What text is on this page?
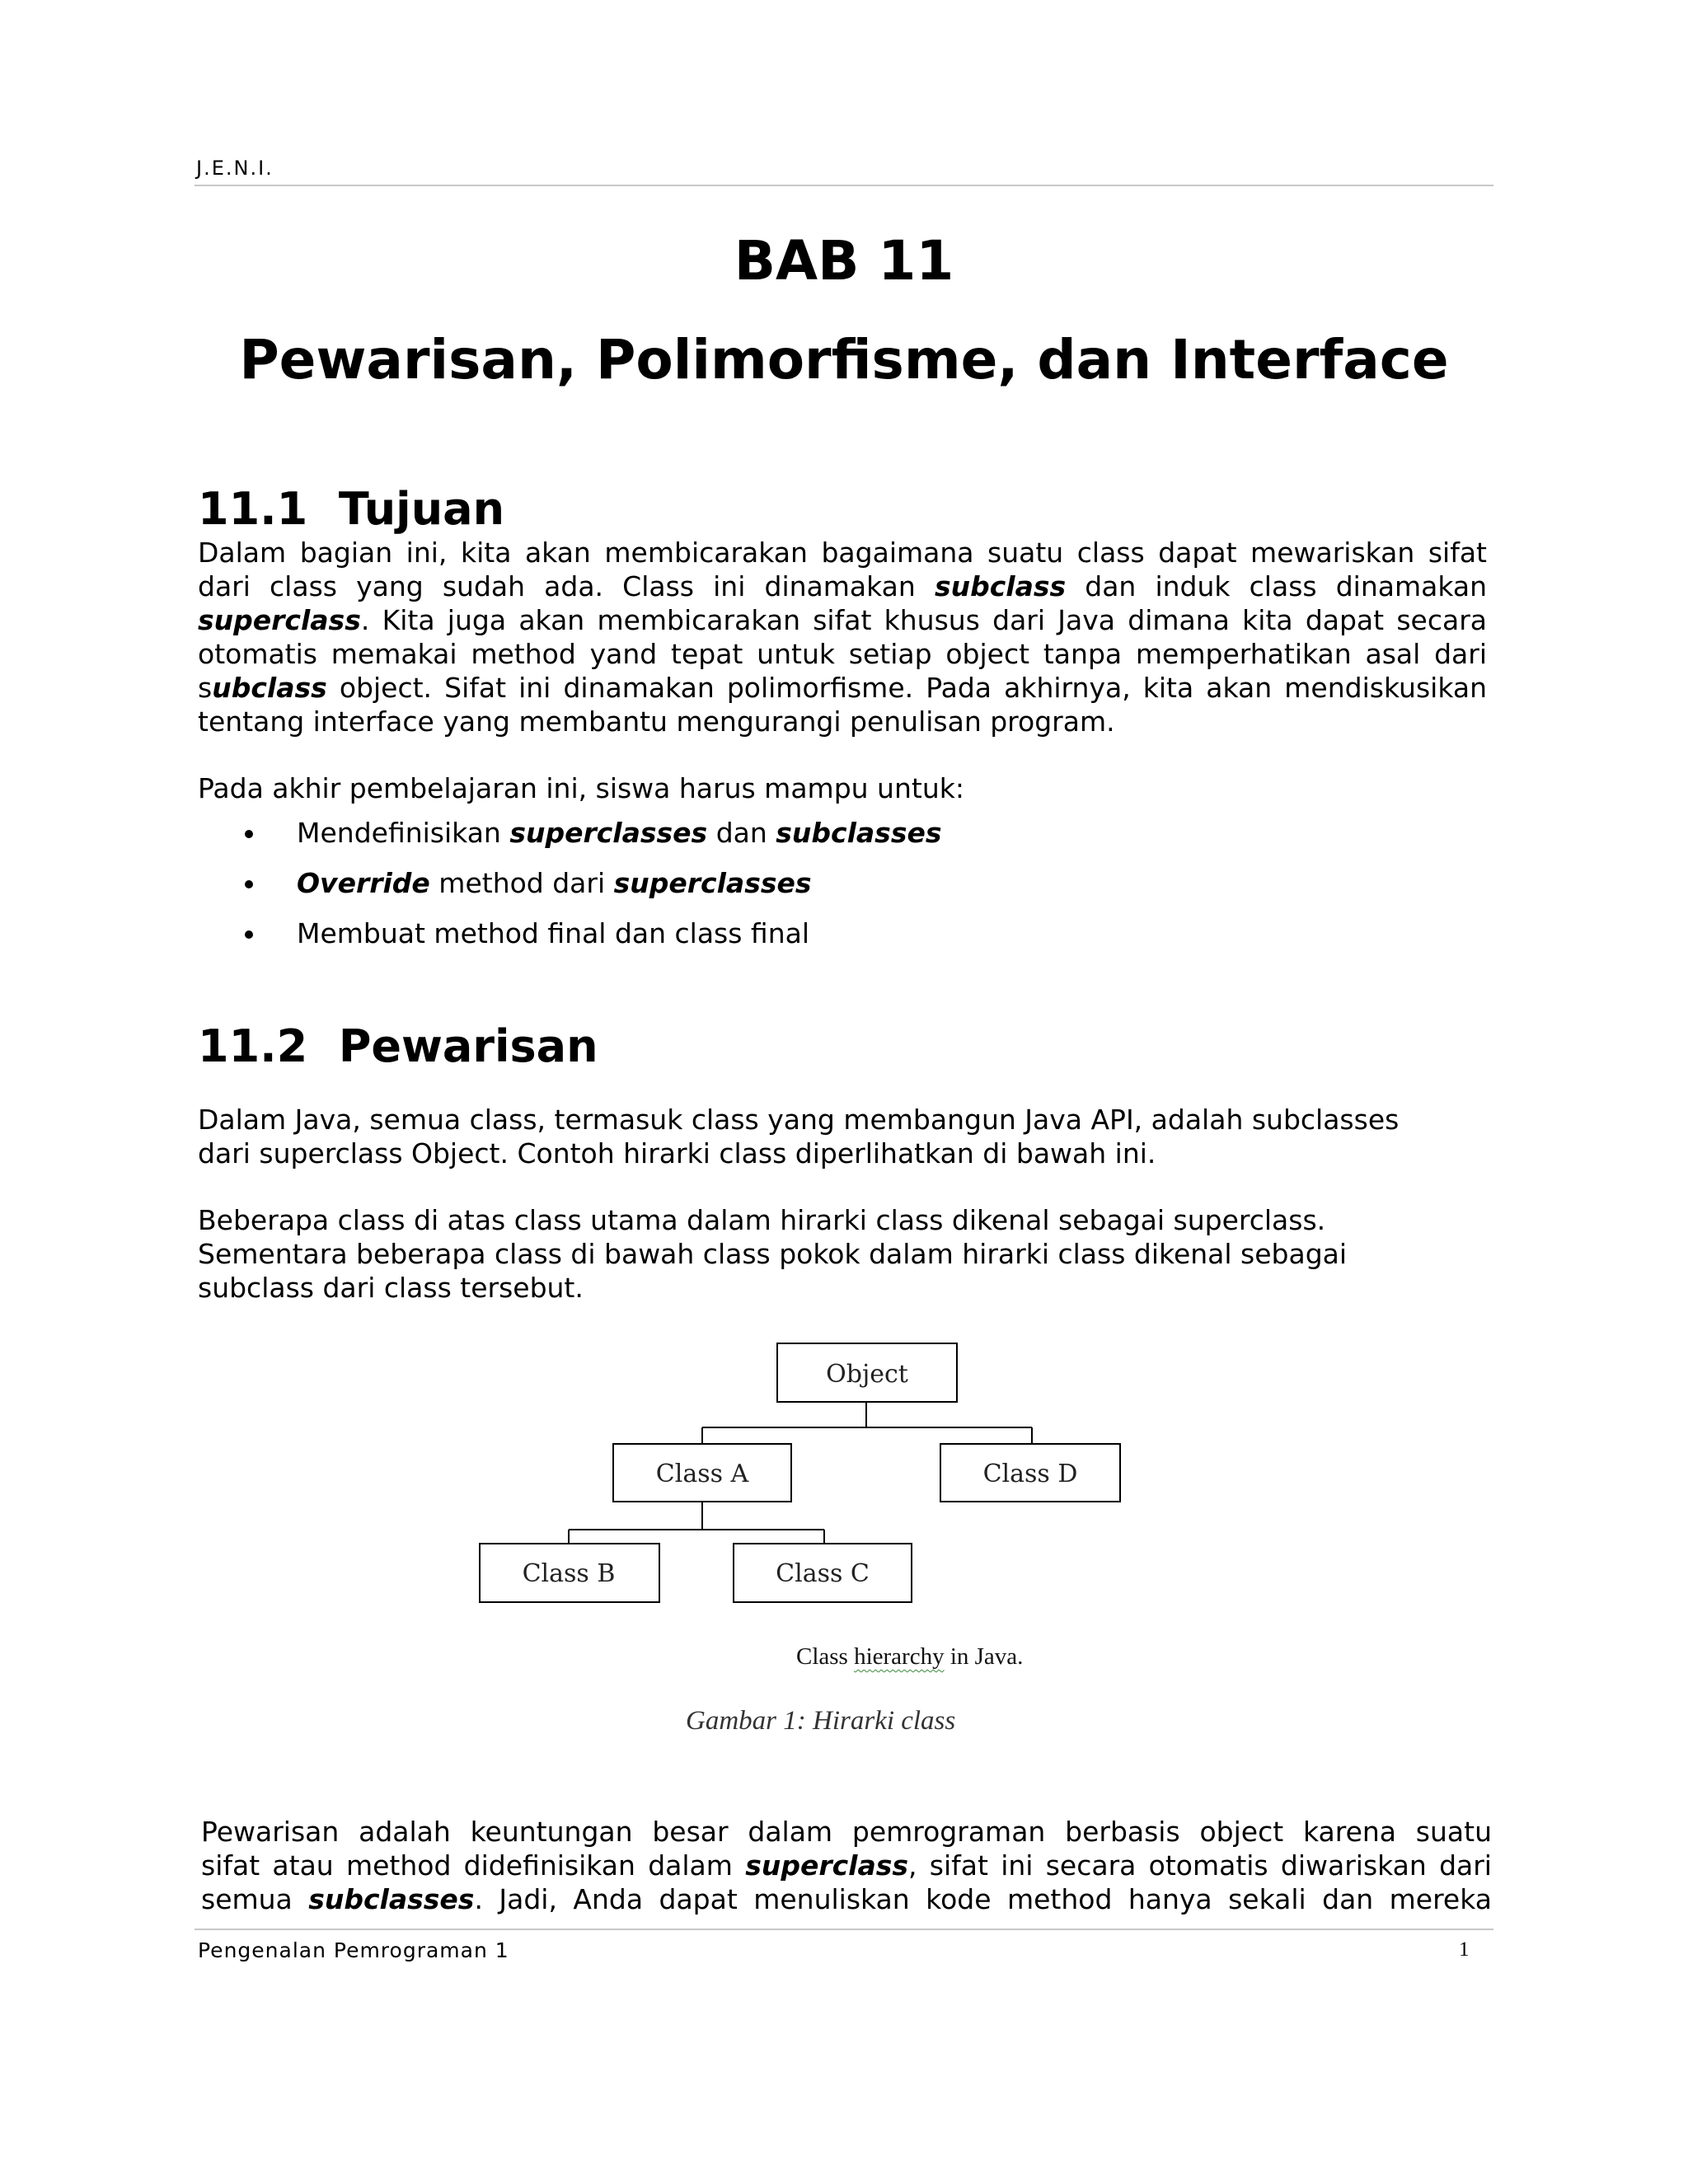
J.E.N.I.
BAB 11
Pewarisan, Polimorfisme, dan Interface
11.1  Tujuan
Dalam bagian ini, kita akan membicarakan bagaimana suatu class dapat mewariskan sifat
dari class yang sudah ada. Class ini dinamakan subclass dan induk class dinamakan
superclass. Kita juga akan membicarakan sifat khusus dari Java dimana kita dapat secara
otomatis memakai method yand tepat untuk setiap object tanpa memperhatikan asal dari
subclass object. Sifat ini dinamakan polimorfisme. Pada akhirnya, kita akan mendiskusikan
tentang interface yang membantu mengurangi penulisan program.
Pada akhir pembelajaran ini, siswa harus mampu untuk:
Mendefinisikan superclasses dan subclasses
Override method dari superclasses
Membuat method final dan class final
11.2  Pewarisan
Dalam Java, semua class, termasuk class yang membangun Java API, adalah subclasses
dari superclass Object. Contoh hirarki class diperlihatkan di bawah ini.
Beberapa class di atas class utama dalam hirarki class dikenal sebagai superclass.
Sementara beberapa class di bawah class pokok dalam hirarki class dikenal sebagai
subclass dari class tersebut.
Object
Class A	Class D
Class B	Class C
Class hierarchy in Java.
Gambar 1: Hirarki class
Pewarisan adalah keuntungan besar dalam pemrograman berbasis object karena suatu
sifat atau method didefinisikan dalam superclass, sifat ini secara otomatis diwariskan dari
semua subclasses. Jadi, Anda dapat menuliskan kode method hanya sekali dan mereka
Pengenalan Pemrograman 1	1
